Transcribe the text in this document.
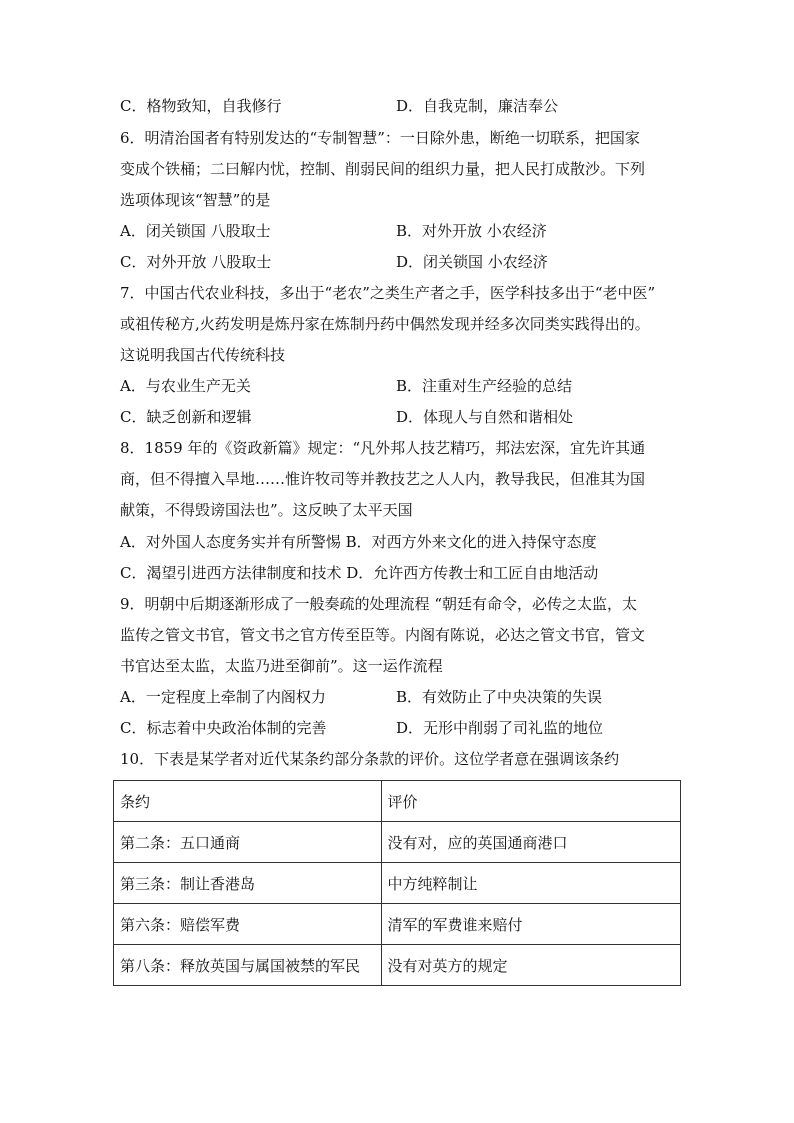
C．格物致知，自我修行	D．自我克制，廉洁奉公
6．明清治国者有特别发达的“专制智慧”：一日除外患，断绝一切联系，把国家
变成个铁桶；二曰解内忧，控制、削弱民间的组织力量，把人民打成散沙。下列
选项体现该“智慧”的是
A．闭关锁国 八股取士	B．对外开放 小农经济
C．对外开放 八股取士	D．闭关锁国 小农经济
7．中国古代农业科技，多出于“老农”之类生产者之手，医学科技多出于“老中医”
或祖传秘方,火药发明是炼丹家在炼制丹药中偶然发现并经多次同类实践得出的。
这说明我国古代传统科技
A．与农业生产无关	B．注重对生产经验的总结
C．缺乏创新和逻辑	D．体现人与自然和谐相处
8．1859 年的《资政新篇》规定：“凡外邦人技艺精巧，邦法宏深，宜先许其通
商，但不得擅入旱地……惟许牧司等并教技艺之人人内，教导我民，但准其为国
献策，不得毁谤国法也”。这反映了太平天国
A．对外国人态度务实并有所警惕 B．对西方外来文化的进入持保守态度
C．渴望引进西方法律制度和技术 D．允许西方传教士和工匠自由地活动
9．明朝中后期逐渐形成了一般奏疏的处理流程 “朝廷有命令，必传之太监，太
监传之管文书官，管文书之官方传至臣等。内阁有陈说，必达之管文书官，管文
书官达至太监，太监乃进至御前”。这一运作流程
A．一定程度上牵制了内阁权力	B．有效防止了中央决策的失误
C．标志着中央政治体制的完善	D．无形中削弱了司礼监的地位
10．下表是某学者对近代某条约部分条款的评价。这位学者意在强调该条约
条约	评价
第二条：五口通商	没有对，应的英国通商港口
第三条：制让香港岛	中方纯粹制让
第六条：赔偿军费	清军的军费谁来赔付
第八条：释放英国与属国被禁的军民	没有对英方的规定
